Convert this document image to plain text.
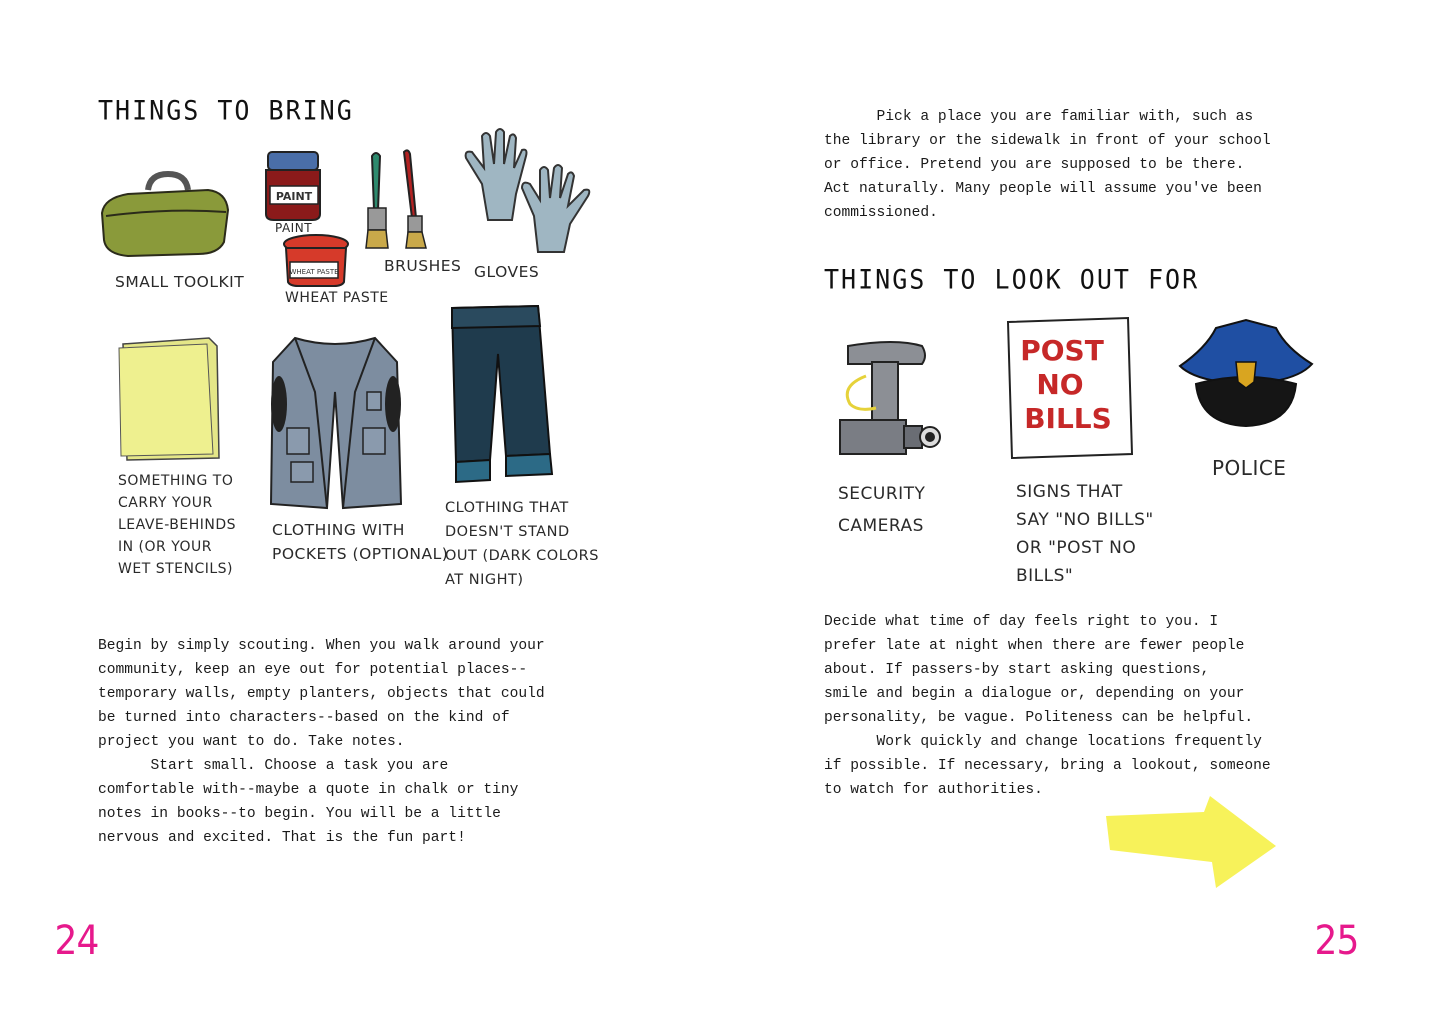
THINGS TO BRING
SMALL TOOLKIT
PAINT
PAINT
WHEAT PASTE
WHEAT PASTE
BRUSHES GLOVES
SOMETHING TO
CARRY YOUR
LEAVE-BEHINDS
IN (OR YOUR
WET STENCILS)
CLOTHING WITH
POCKETS (OPTIONAL)
CLOTHING THAT
DOESN'T STAND
OUT (DARK COLORS
AT NIGHT)
Begin by simply scouting. When you walk around your
community, keep an eye out for potential places--
temporary walls, empty planters, objects that could
be turned into characters--based on the kind of
project you want to do. Take notes.
Start small. Choose a task you are
comfortable with--maybe a quote in chalk or tiny
notes in books--to begin. You will be a little
nervous and excited. That is the fun part!
24
Pick a place you are familiar with, such as
the library or the sidewalk in front of your school
or office. Pretend you are supposed to be there.
Act naturally. Many people will assume you've been
commissioned.
THINGS TO LOOK OUT FOR
SECURITY
CAMERAS
POST
NO
BILLS
SIGNS THAT
SAY "NO BILLS"
OR "POST NO
BILLS"
POLICE
Decide what time of day feels right to you. I
prefer late at night when there are fewer people
about. If passers-by start asking questions,
smile and begin a dialogue or, depending on your
personality, be vague. Politeness can be helpful.
Work quickly and change locations frequently
if possible. If necessary, bring a lookout, someone
to watch for authorities.
25
